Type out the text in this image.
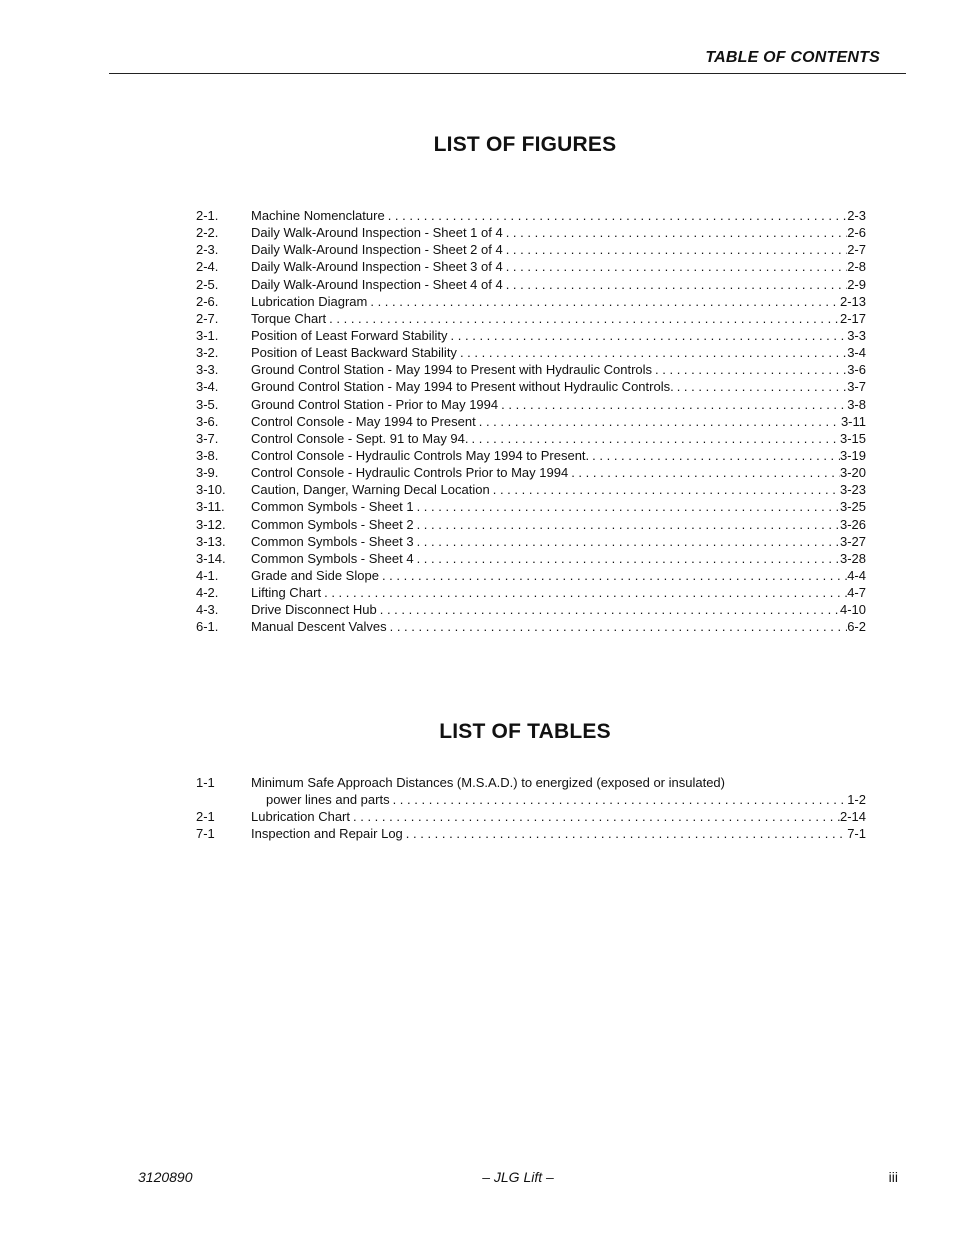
TABLE OF CONTENTS
LIST OF FIGURES
2-1.	Machine Nomenclature . . .	2-3
2-2.	Daily Walk-Around Inspection - Sheet 1 of 4 . . .	2-6
2-3.	Daily Walk-Around Inspection - Sheet 2 of 4 . . .	2-7
2-4.	Daily Walk-Around Inspection - Sheet 3 of 4 . . .	2-8
2-5.	Daily Walk-Around Inspection - Sheet 4 of 4 . . .	2-9
2-6.	Lubrication Diagram . . .	2-13
2-7.	Torque Chart . . .	2-17
3-1.	Position of Least Forward Stability . . .	3-3
3-2.	Position of Least Backward Stability . . .	3-4
3-3.	Ground Control Station - May 1994 to Present with Hydraulic Controls . . .	3-6
3-4.	Ground Control Station - May 1994 to Present without Hydraulic Controls. . . .	3-7
3-5.	Ground Control Station - Prior to May 1994 . . .	3-8
3-6.	Control Console - May 1994 to Present . . .	3-11
3-7.	Control Console - Sept. 91 to May 94. . . .	3-15
3-8.	Control Console - Hydraulic Controls May 1994 to Present. . . .	3-19
3-9.	Control Console - Hydraulic Controls Prior to May 1994 . . .	3-20
3-10. Caution, Danger, Warning Decal Location . . .	3-23
3-11. Common Symbols - Sheet 1 . . .	3-25
3-12. Common Symbols - Sheet 2 . . .	3-26
3-13. Common Symbols - Sheet 3 . . .	3-27
3-14. Common Symbols - Sheet 4 . . .	3-28
4-1.	Grade and Side Slope . . .	4-4
4-2.	Lifting Chart . . .	4-7
4-3.	Drive Disconnect Hub . . .	4-10
6-1.	Manual Descent Valves . . .	6-2
LIST OF TABLES
1-1	Minimum Safe Approach Distances (M.S.A.D.) to energized (exposed or insulated)
power lines and parts . . .	1-2
2-1	Lubrication Chart . . .	2-14
7-1	Inspection and Repair Log . . .	7-1
3120890	– JLG Lift –	iii
